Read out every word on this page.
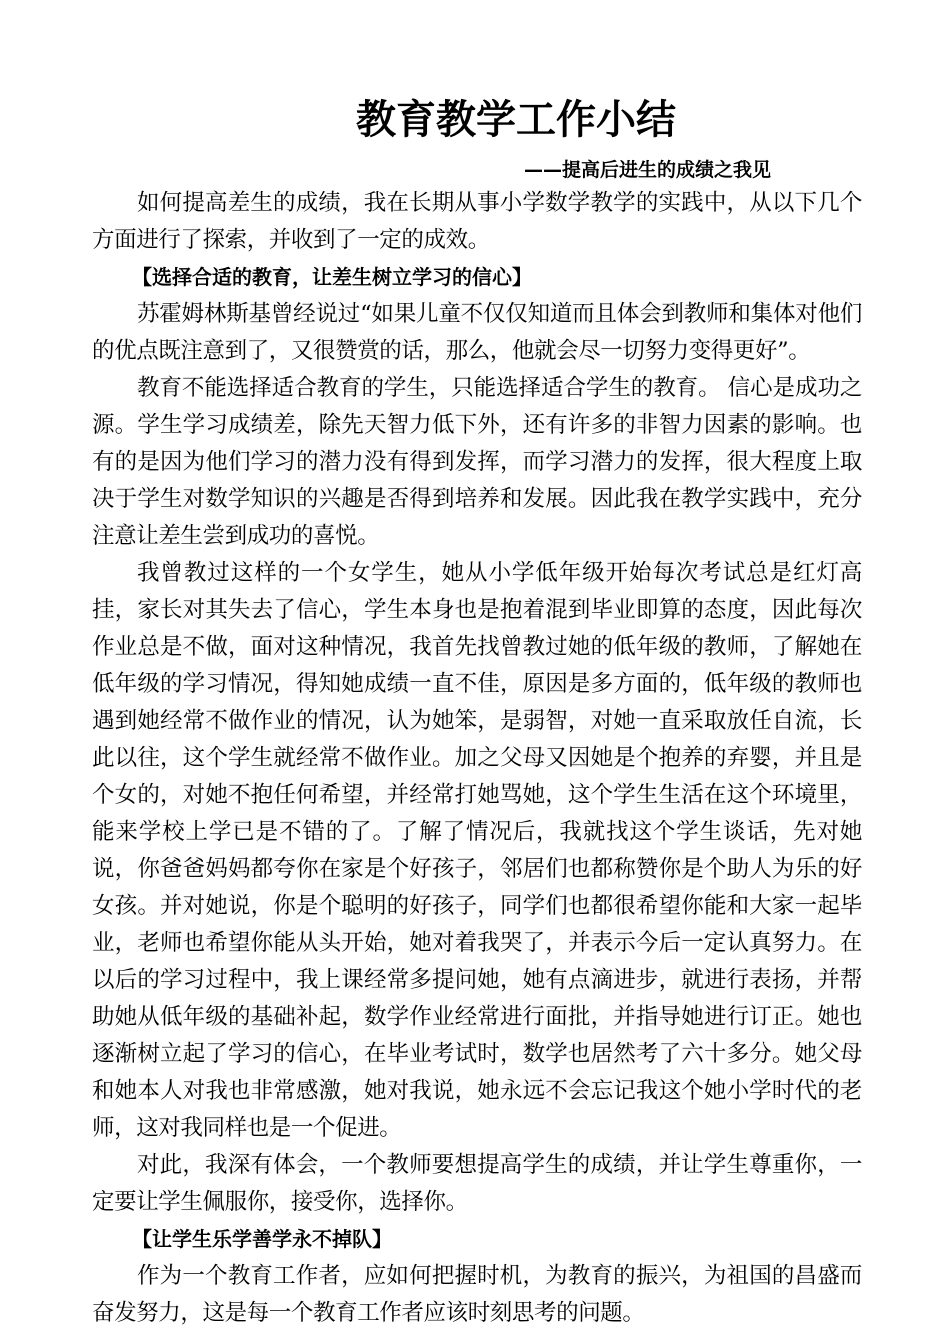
教育教学工作小结
——提高后进生的成绩之我见

如何提高差生的成绩，我在长期从事小学数学教学的实践中，从以下几个方面进行了探索，并收到了一定的成效。

【选择合适的教育，让差生树立学习的信心】

苏霍姆林斯基曾经说过“如果儿童不仅仅知道而且体会到教师和集体对他们的优点既注意到了，又很赞赏的话，那么，他就会尽一切努力变得更好”。

教育不能选择适合教育的学生，只能选择适合学生的教育。 信心是成功之源。学生学习成绩差，除先天智力低下外，还有许多的非智力因素的影响。也有的是因为他们学习的潜力没有得到发挥，而学习潜力的发挥，很大程度上取决于学生对数学知识的兴趣是否得到培养和发展。因此我在教学实践中，充分注意让差生尝到成功的喜悦。

我曾教过这样的一个女学生，她从小学低年级开始每次考试总是红灯高挂，家长对其失去了信心，学生本身也是抱着混到毕业即算的态度，因此每次作业总是不做，面对这种情况，我首先找曾教过她的低年级的教师，了解她在低年级的学习情况，得知她成绩一直不佳，原因是多方面的，低年级的教师也遇到她经常不做作业的情况，认为她笨，是弱智，对她一直采取放任自流，长此以往，这个学生就经常不做作业。加之父母又因她是个抱养的弃婴，并且是个女的，对她不抱任何希望，并经常打她骂她，这个学生生活在这个环境里，能来学校上学已是不错的了。了解了情况后，我就找这个学生谈话，先对她说，你爸爸妈妈都夸你在家是个好孩子，邻居们也都称赞你是个助人为乐的好女孩。并对她说，你是个聪明的好孩子，同学们也都很希望你能和大家一起毕业，老师也希望你能从头开始，她对着我哭了，并表示今后一定认真努力。在以后的学习过程中，我上课经常多提问她，她有点滴进步，就进行表扬，并帮助她从低年级的基础补起，数学作业经常进行面批，并指导她进行订正。她也逐渐树立起了学习的信心，在毕业考试时，数学也居然考了六十多分。她父母和她本人对我也非常感激，她对我说，她永远不会忘记我这个她小学时代的老师，这对我同样也是一个促进。

对此，我深有体会，一个教师要想提高学生的成绩，并让学生尊重你，一定要让学生佩服你，接受你，选择你。

【让学生乐学善学永不掉队】

作为一个教育工作者，应如何把握时机，为教育的振兴，为祖国的昌盛而奋发努力，这是每一个教育工作者应该时刻思考的问题。
